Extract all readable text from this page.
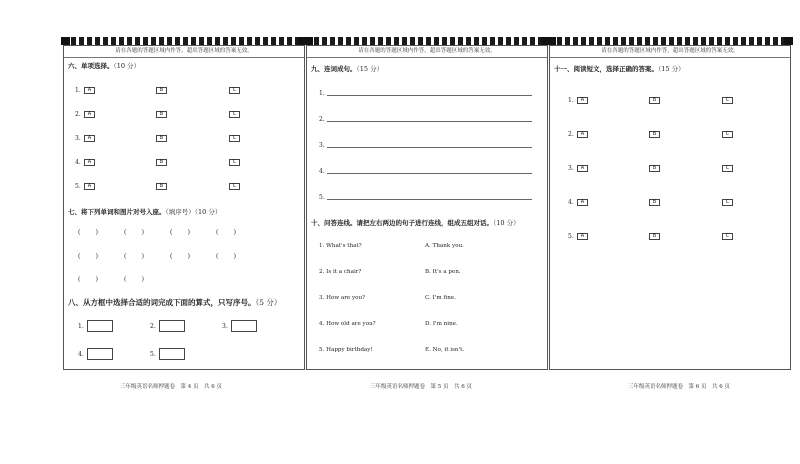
请在各题的答题区域内作答，超出答题区域的答案无效。
六、单项选择。（10 分）
1.	A	B	C
2.	A	B	C
3.	A	B	C
4.	A	B	C
5.	A	B	C
七、将下列单词和图片对号入座。（填序号）（10 分）
(        )	(        )	(        )	(        )
(        )	(        )	(        )	(        )
(        )	(        )
八、从方框中选择合适的词完成下面的算式，只写序号。（5 分）
1.	2.	3.
4.	5.
三年级英语名师押题卷　第 4 页　共 6 页
请在各题的答题区域内作答，超出答题区域的答案无效。
九、连词成句。（15 分）
1.
2.
3.
4.
5.
十、问答连线。请把左右两边的句子进行连线，组成五组对话。（10 分）
1. What's that?	A. Thank you.
2. Is it a chair?	B. It's a pen.
3. How are you?	C. I'm fine.
4. How old are you?	D. I'm nine.
5. Happy birthday!	E. No, it isn't.
三年级英语名师押题卷　第 5 页　共 6 页
请在各题的答题区域内作答，超出答题区域的答案无效。
十一、阅读短文，选择正确的答案。（15 分）
1.	A	B	C
2.	A	B	C
3.	A	B	C
4.	A	B	C
5.	A	B	C
三年级英语名师押题卷　第 6 页　共 6 页
